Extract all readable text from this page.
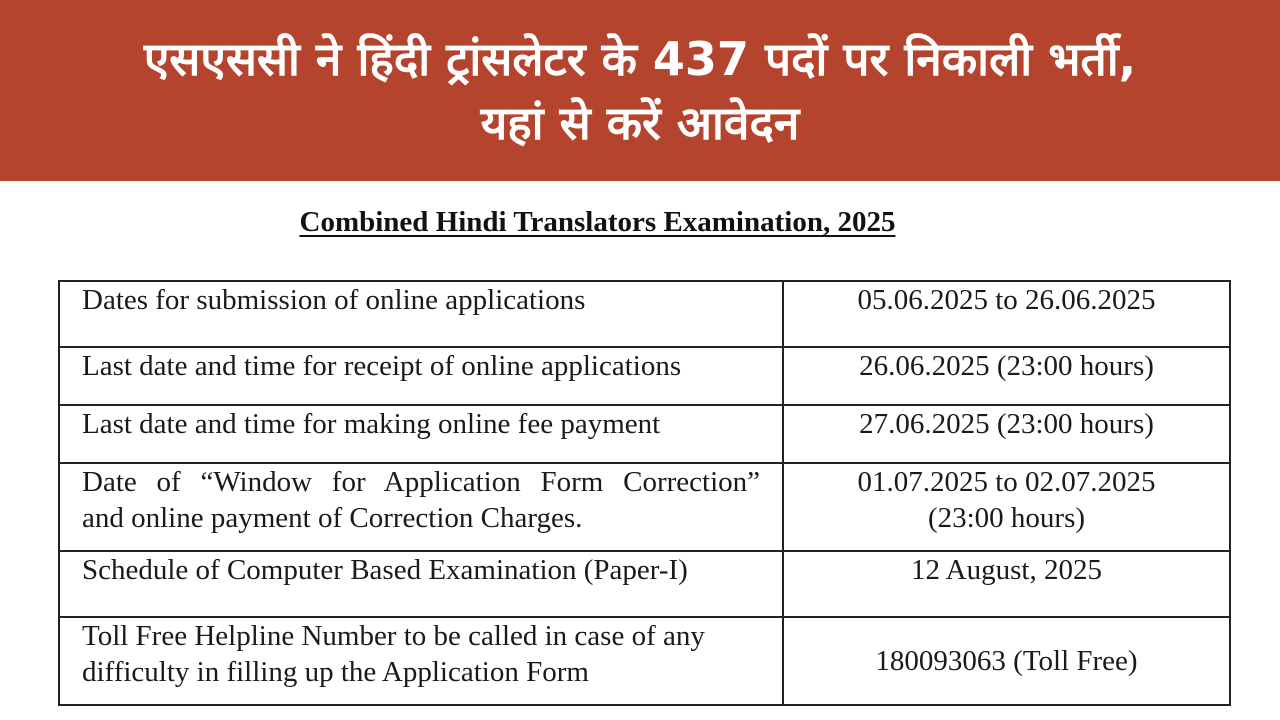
एसएससी ने हिंदी ट्रांसलेटर के 437 पदों पर निकाली भर्ती,
यहां से करें आवेदन
Combined Hindi Translators Examination, 2025
Dates for submission of online applications	05.06.2025 to 26.06.2025
Last date and time for receipt of online applications	26.06.2025 (23:00 hours)
Last date and time for making online fee payment	27.06.2025 (23:00 hours)

Date of “Window for Application Form Correction”
and online payment of Correction Charges.	01.07.2025 to 02.07.2025
(23:00 hours)

Schedule of Computer Based Examination (Paper-I)	12 August, 2025

Toll Free Helpline Number to be called in case of any
difficulty in filling up the Application Form	180093063 (Toll Free)
